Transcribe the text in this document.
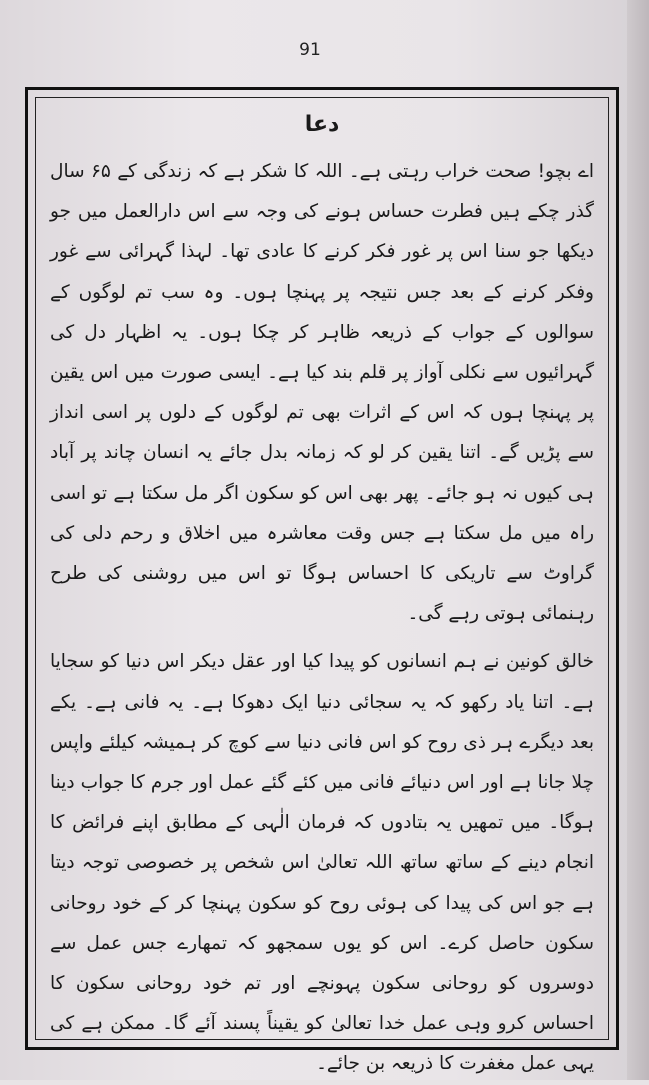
91
دعا

اے بچو! صحت خراب رہتی ہے۔ اللہ کا شکر ہے کہ زندگی کے ۶۵ سال گذر چکے ہیں فطرت حساس ہونے کی وجہ سے اس دارالعمل میں جو دیکھا جو سنا اس پر غور فکر کرنے کا عادی تھا۔ لہذا گہرائی سے غور وفکر کرنے کے بعد جس نتیجہ پر پہنچا ہوں۔ وہ سب تم لوگوں کے سوالوں کے جواب کے ذریعہ ظاہر کر چکا ہوں۔ یہ اظہار دل کی گہرائیوں سے نکلی آواز پر قلم بند کیا ہے۔ ایسی صورت میں اس یقین پر پہنچا ہوں کہ اس کے اثرات بھی تم لوگوں کے دلوں پر اسی انداز سے پڑیں گے۔ اتنا یقین کر لو کہ زمانہ بدل جائے یہ انسان چاند پر آباد ہی کیوں نہ ہو جائے۔ پھر بھی اس کو سکون اگر مل سکتا ہے تو اسی راہ میں مل سکتا ہے جس وقت معاشرہ میں اخلاق و رحم دلی کی گراوٹ سے تاریکی کا احساس ہوگا تو اس میں روشنی کی طرح رہنمائی ہوتی رہے گی۔

خالق کونین نے ہم انسانوں کو پیدا کیا اور عقل دیکر اس دنیا کو سجایا ہے۔ اتنا یاد رکھو کہ یہ سجائی دنیا ایک دھوکا ہے۔ یہ فانی ہے۔ یکے بعد دیگرے ہر ذی روح کو اس فانی دنیا سے کوچ کر ہمیشہ کیلئے واپس چلا جانا ہے اور اس دنیائے فانی میں کئے گئے عمل اور جرم کا جواب دینا ہوگا۔ میں تمھیں یہ بتادوں کہ فرمان الٰہی کے مطابق اپنے فرائض کا انجام دینے کے ساتھ ساتھ اللہ تعالیٰ اس شخص پر خصوصی توجہ دیتا ہے جو اس کی پیدا کی ہوئی روح کو سکون پہنچا کر کے خود روحانی سکون حاصل کرے۔ اس کو یوں سمجھو کہ تمھارے جس عمل سے دوسروں کو روحانی سکون پہونچے اور تم خود روحانی سکون کا احساس کرو وہی عمل خدا تعالیٰ کو یقیناً پسند آئے گا۔ ممکن ہے کی یہی عمل مغفرت کا ذریعہ بن جائے۔
